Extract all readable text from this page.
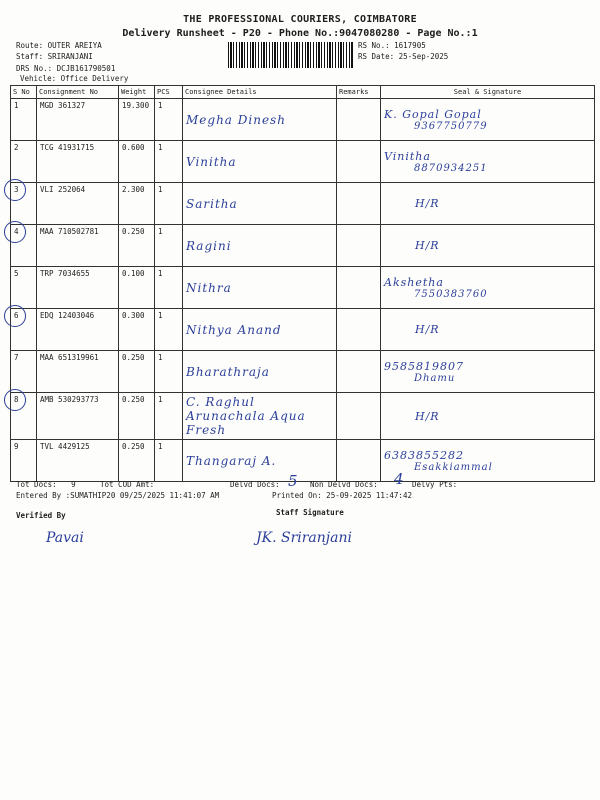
THE PROFESSIONAL COURIERS, COIMBATORE
Delivery Runsheet - P20 - Phone No.:9047080280 - Page No.:1
Route: OUTER AREIYA
Staff: SRIRANJANI
DRS No.: DCJB161790501
Vehicle: Office Delivery
RS No.: 1617905
RS Date: 25-Sep-2025
S No	Consignment No	Weight	PCS	Consignee Details	Remarks	Seal & Signature
1	MGD 361327	19.300	1	Megha Dinesh		K. Gopal Gopal
9367750779

2	TCG 41931715	0.600	1	Vinitha		Vinitha
8870934251

3	VLI 252064	2.300	1	Saritha		H/R

4	MAA 710502781	0.250	1	Ragini		H/R

5	TRP 7034655	0.100	1	Nithra		Akshetha
7550383760

6	EDQ 12403046	0.300	1	Nithya Anand		H/R

7	MAA 651319961	0.250	1	Bharathraja		9585819807
Dhamu

8	AMB 530293773	0.250	1	C. Raghul Arunachala Aqua Fresh		H/R

9	TVL 4429125	0.250	1	Thangaraj A.		6383855282
Esakkiammal
Tot Docs: 9	Tot COD Amt:	Delvd Docs: 5 Non Delvd Docs: 4 Delvy Pts:
Entered By :SUMATHIP20 09/25/2025 11:41:07 AM	Printed On: 25-09-2025 11:47:42
Verified By	Staff Signature
Pavai	JK. Sriranjani
